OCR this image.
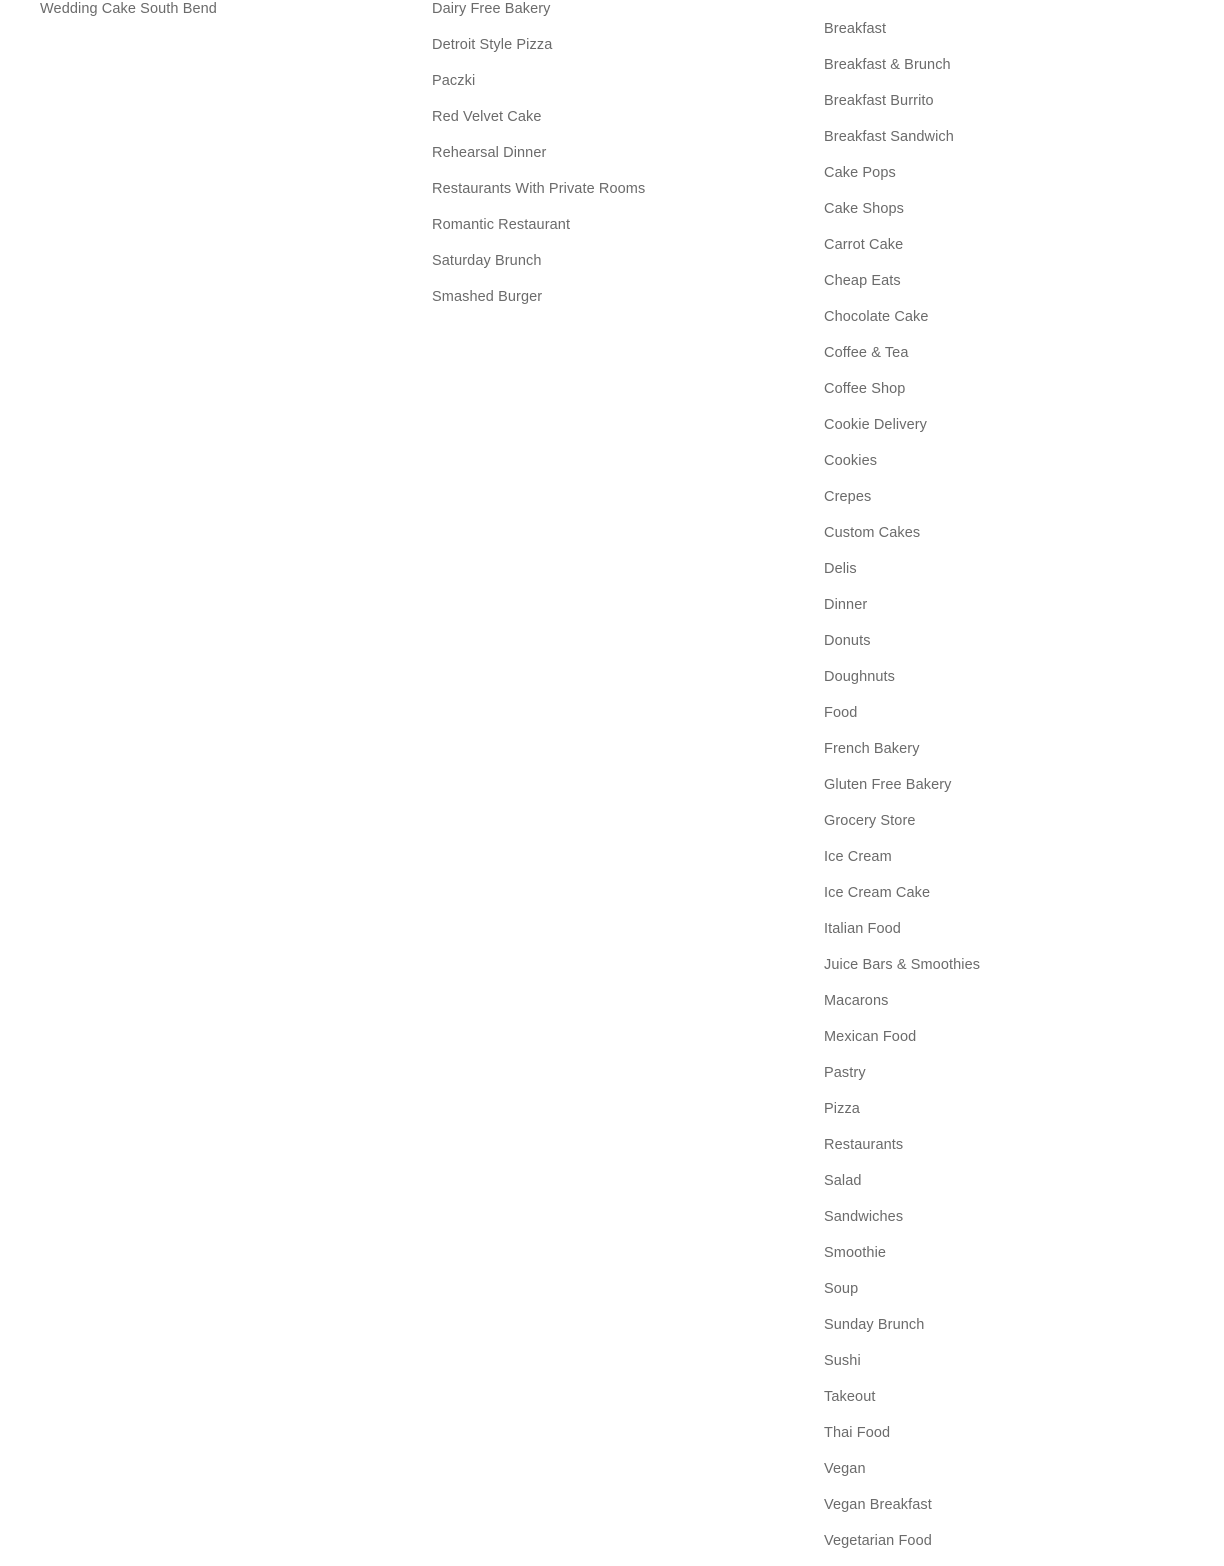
Wedding Cake South Bend	Dairy Free Bakery
Detroit Style Pizza
Paczki
Red Velvet Cake
Rehearsal Dinner
Restaurants With Private Rooms
Romantic Restaurant
Saturday Brunch
Smashed Burger
Breakfast
Breakfast & Brunch
Breakfast Burrito
Breakfast Sandwich
Cake Pops
Cake Shops
Carrot Cake
Cheap Eats
Chocolate Cake
Coffee & Tea
Coffee Shop
Cookie Delivery
Cookies
Crepes
Custom Cakes
Delis
Dinner
Donuts
Doughnuts
Food
French Bakery
Gluten Free Bakery
Grocery Store
Ice Cream
Ice Cream Cake
Italian Food
Juice Bars & Smoothies
Macarons
Mexican Food
Pastry
Pizza
Restaurants
Salad
Sandwiches
Smoothie
Soup
Sunday Brunch
Sushi
Takeout
Thai Food
Vegan
Vegan Breakfast
Vegetarian Food
